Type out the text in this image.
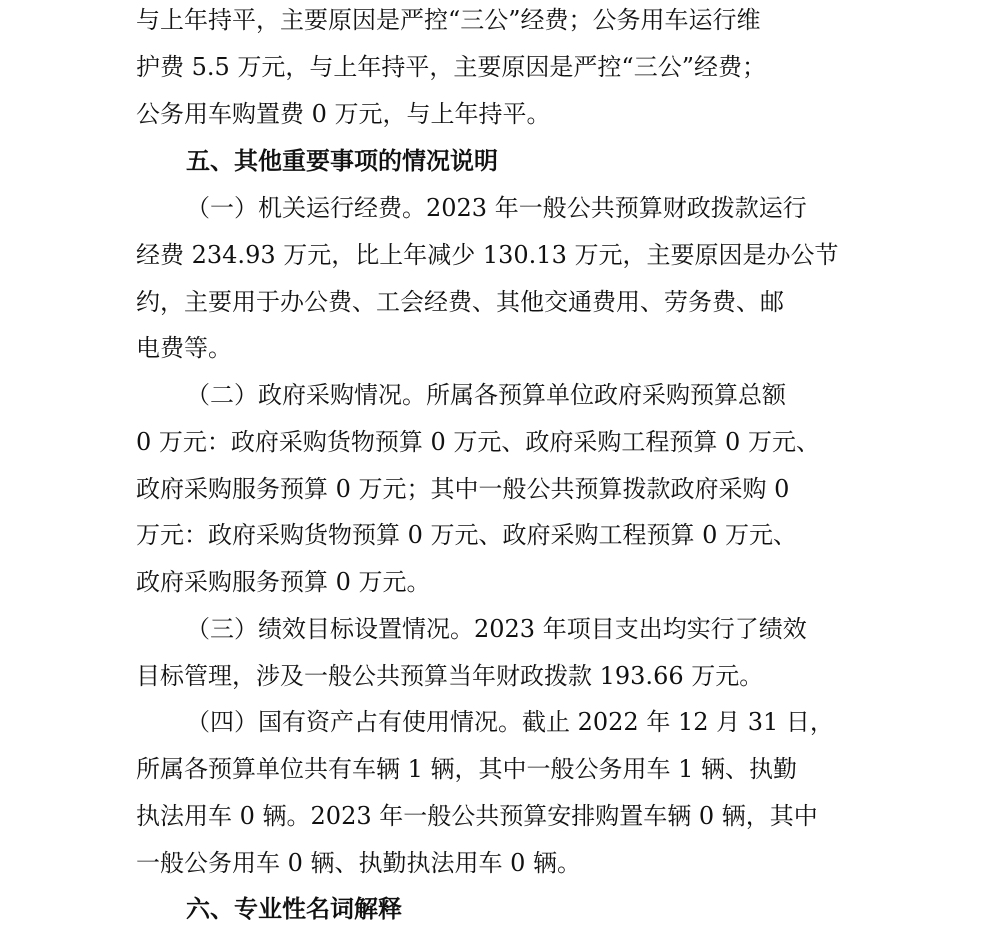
与上年持平，主要原因是严控“三公”经费；公务用车运行维
护费 5.5 万元，与上年持平，主要原因是严控“三公”经费；
公务用车购置费 0 万元，与上年持平。
五、其他重要事项的情况说明
（一）机关运行经费。2023 年一般公共预算财政拨款运行
经费 234.93 万元，比上年减少 130.13 万元，主要原因是办公节
约，主要用于办公费、工会经费、其他交通费用、劳务费、邮
电费等。
（二）政府采购情况。所属各预算单位政府采购预算总额
0 万元：政府采购货物预算 0 万元、政府采购工程预算 0 万元、
政府采购服务预算 0 万元；其中一般公共预算拨款政府采购 0
万元：政府采购货物预算 0 万元、政府采购工程预算 0 万元、
政府采购服务预算 0 万元。
（三）绩效目标设置情况。2023 年项目支出均实行了绩效
目标管理，涉及一般公共预算当年财政拨款 193.66 万元。
（四）国有资产占有使用情况。截止 2022 年 12 月 31 日，
所属各预算单位共有车辆 1 辆，其中一般公务用车 1 辆、执勤
执法用车 0 辆。2023 年一般公共预算安排购置车辆 0 辆，其中
一般公务用车 0 辆、执勤执法用车 0 辆。
六、专业性名词解释
